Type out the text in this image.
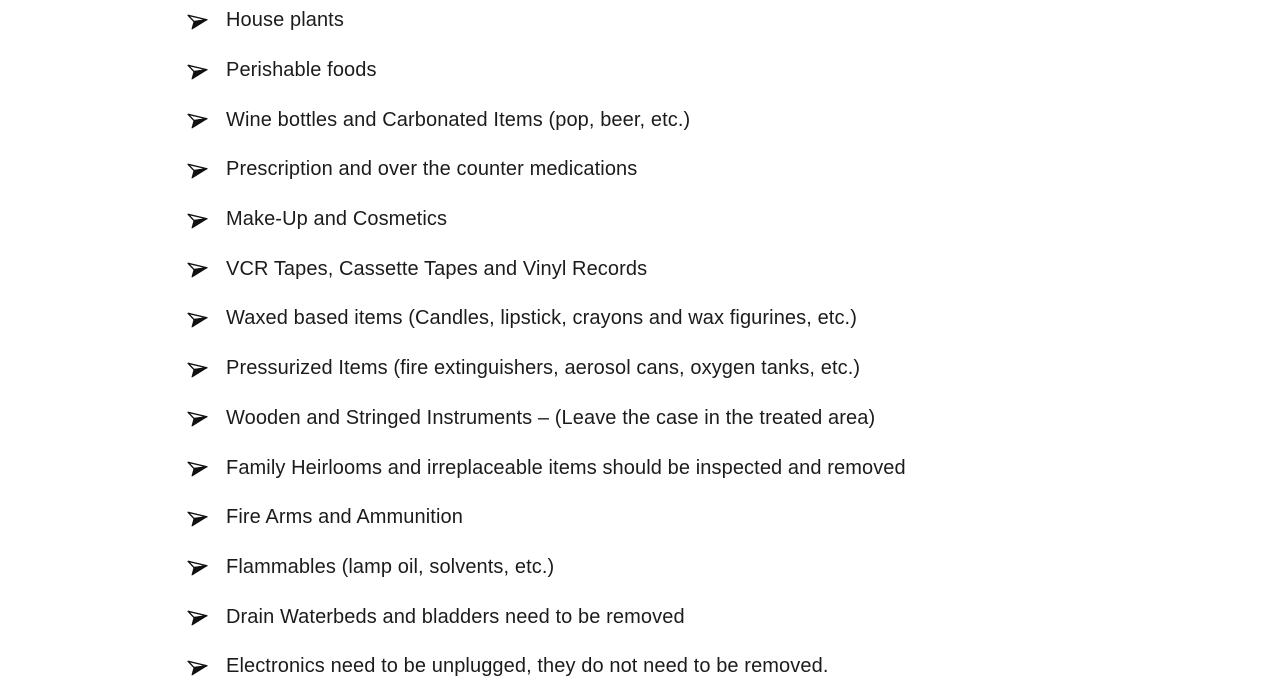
House plants
Perishable foods
Wine bottles and Carbonated Items (pop, beer, etc.)
Prescription and over the counter medications
Make-Up and Cosmetics
VCR Tapes, Cassette Tapes and Vinyl Records
Waxed based items (Candles, lipstick, crayons and wax figurines, etc.)
Pressurized Items (fire extinguishers, aerosol cans, oxygen tanks, etc.)
Wooden and Stringed Instruments – (Leave the case in the treated area)
Family Heirlooms and irreplaceable items should be inspected and removed
Fire Arms and Ammunition
Flammables (lamp oil, solvents, etc.)
Drain Waterbeds and bladders need to be removed
Electronics need to be unplugged, they do not need to be removed.
